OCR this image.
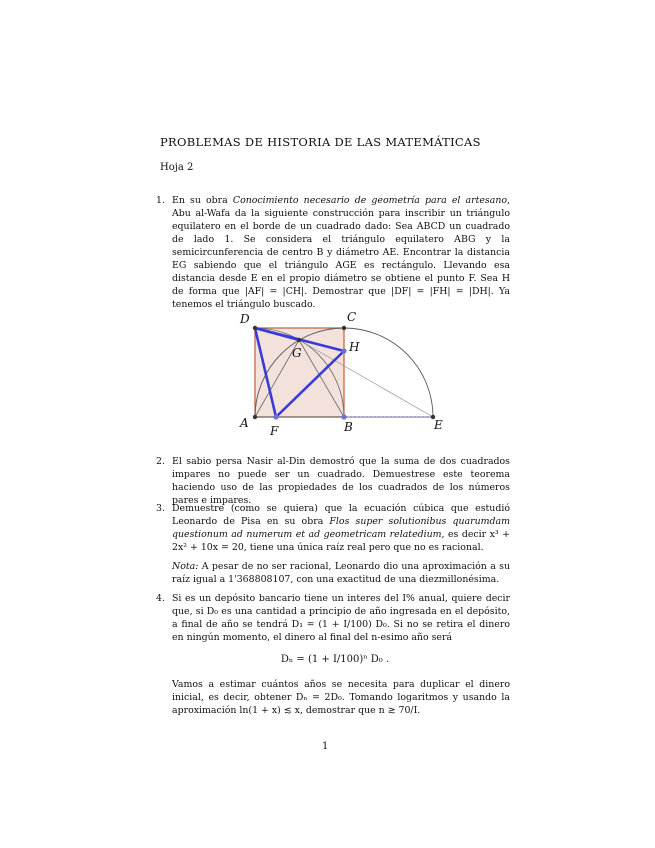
PROBLEMAS DE HISTORIA DE LAS MATEMÁTICAS
Hoja 2
1. En su obra Conocimiento necesario de geometría para el artesano, Abu al-Wafa da la siguiente construcción para inscribir un triángulo equilatero en el borde de un cuadrado dado: Sea ABCD un cuadrado de lado 1. Se considera el triángulo equilatero ABG y la semicircunferencia de centro B y diámetro AE. Encontrar la distancia EG sabiendo que el triángulo AGE es rectángulo. Llevando esa distancia desde E en el propio diámetro se obtiene el punto F. Sea H de forma que |AF| = |CH|. Demostrar que |DF| = |FH| = |DH|. Ya tenemos el triángulo buscado.
D	C
G	H
A
F	B	E
2. El sabio persa Nasir al-Din demostró que la suma de dos cuadrados impares no puede ser un cuadrado. Demuestrese este teorema haciendo uso de las propiedades de los cuadrados de los números pares e impares.
3. Demuestre (como se quiera) que la ecuación cúbica que estudió Leonardo de Pisa en su obra Flos super solutionibus quarumdam questionum ad numerum et ad geometricam relatedium, es decir x³ + 2x² + 10x = 20, tiene una única raíz real pero que no es racional.
Nota: A pesar de no ser racional, Leonardo dio una aproximación a su raíz igual a 1'368808107, con una exactitud de una diezmillonésima.
4. Si es un depósito bancario tiene un interes del I% anual, quiere decir que, si D₀ es una cantidad a principio de año ingresada en el depósito, a final de año se tendrá D₁ = (1 + I/100) D₀. Si no se retira el dinero en ningún momento, el dinero al final del n-esimo año será
Dₙ = (1 + I/100)ⁿ D₀ .
Vamos a estimar cuántos años se necesita para duplicar el dinero inicial, es decir, obtener Dₙ = 2D₀. Tomando logaritmos y usando la aproximación ln(1 + x) ≲ x, demostrar que n ≳ 70/I.
1
